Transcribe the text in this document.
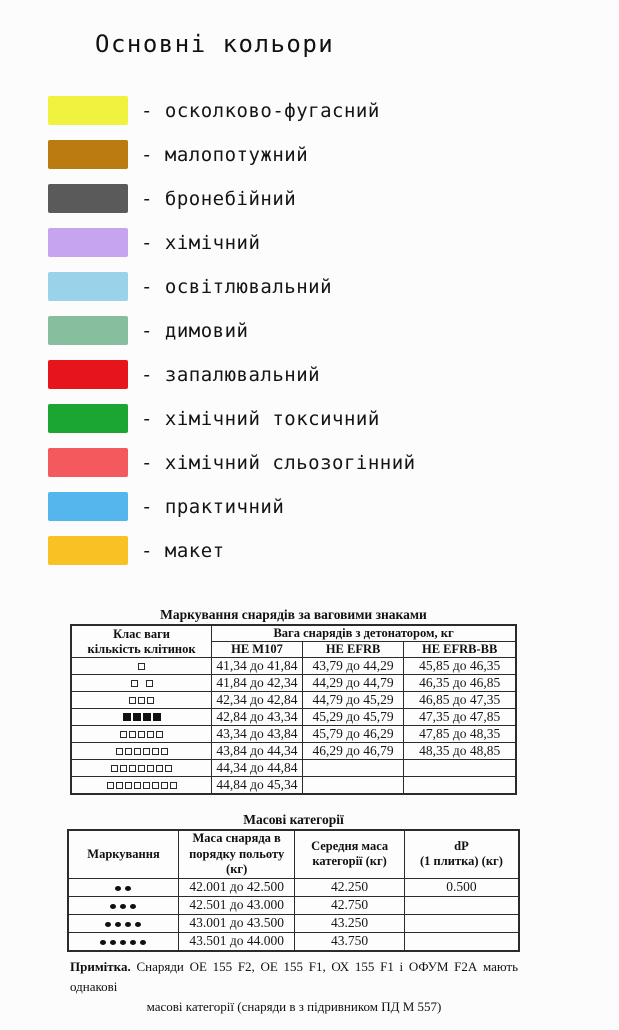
Основні кольори
- осколково-фугасний
- малопотужний
- бронебійний
- хімічний
- освітлювальний
- димовий
- запалювальний
- хімічний токсичний
- хімічний сльозогінний
- практичний
- макет
Маркування снарядів за ваговими знаками
Клас ваги
кількість клітинок	Вага снарядів з детонатором, кг		
	HE M107	HE EFRB	HE EFRB-BB

	41,34 до 41,84	43,79 до 44,29	45,85 до 46,35

	41,84 до 42,34	44,29 до 44,79	46,35 до 46,85

	42,34 до 42,84	44,79 до 45,29	46,85 до 47,35

	42,84 до 43,34	45,29 до 45,79	47,35 до 47,85

	43,34 до 43,84	45,79 до 46,29	47,85 до 48,35

	43,84 до 44,34	46,29 до 46,79	48,35 до 48,85

	44,34 до 44,84		

	44,84 до 45,34		
Масові категорії
Маркування

Маса снаряда в
порядку польоту
(кг)

Середня маса
категорії (кг)

dP
(1 плитка) (кг)

	42.001 до 42.500	42.250	0.500

	42.501 до 43.000	42.750	

	43.001 до 43.500	43.250	

	43.501 до 44.000	43.750	

Примітка. Снаряди ОЕ 155 F2, ОЕ 155 F1, ОХ 155 F1 і ОФУМ F2А мають однакові
масові категорії (снаряди в з підривником ПД М 557)
